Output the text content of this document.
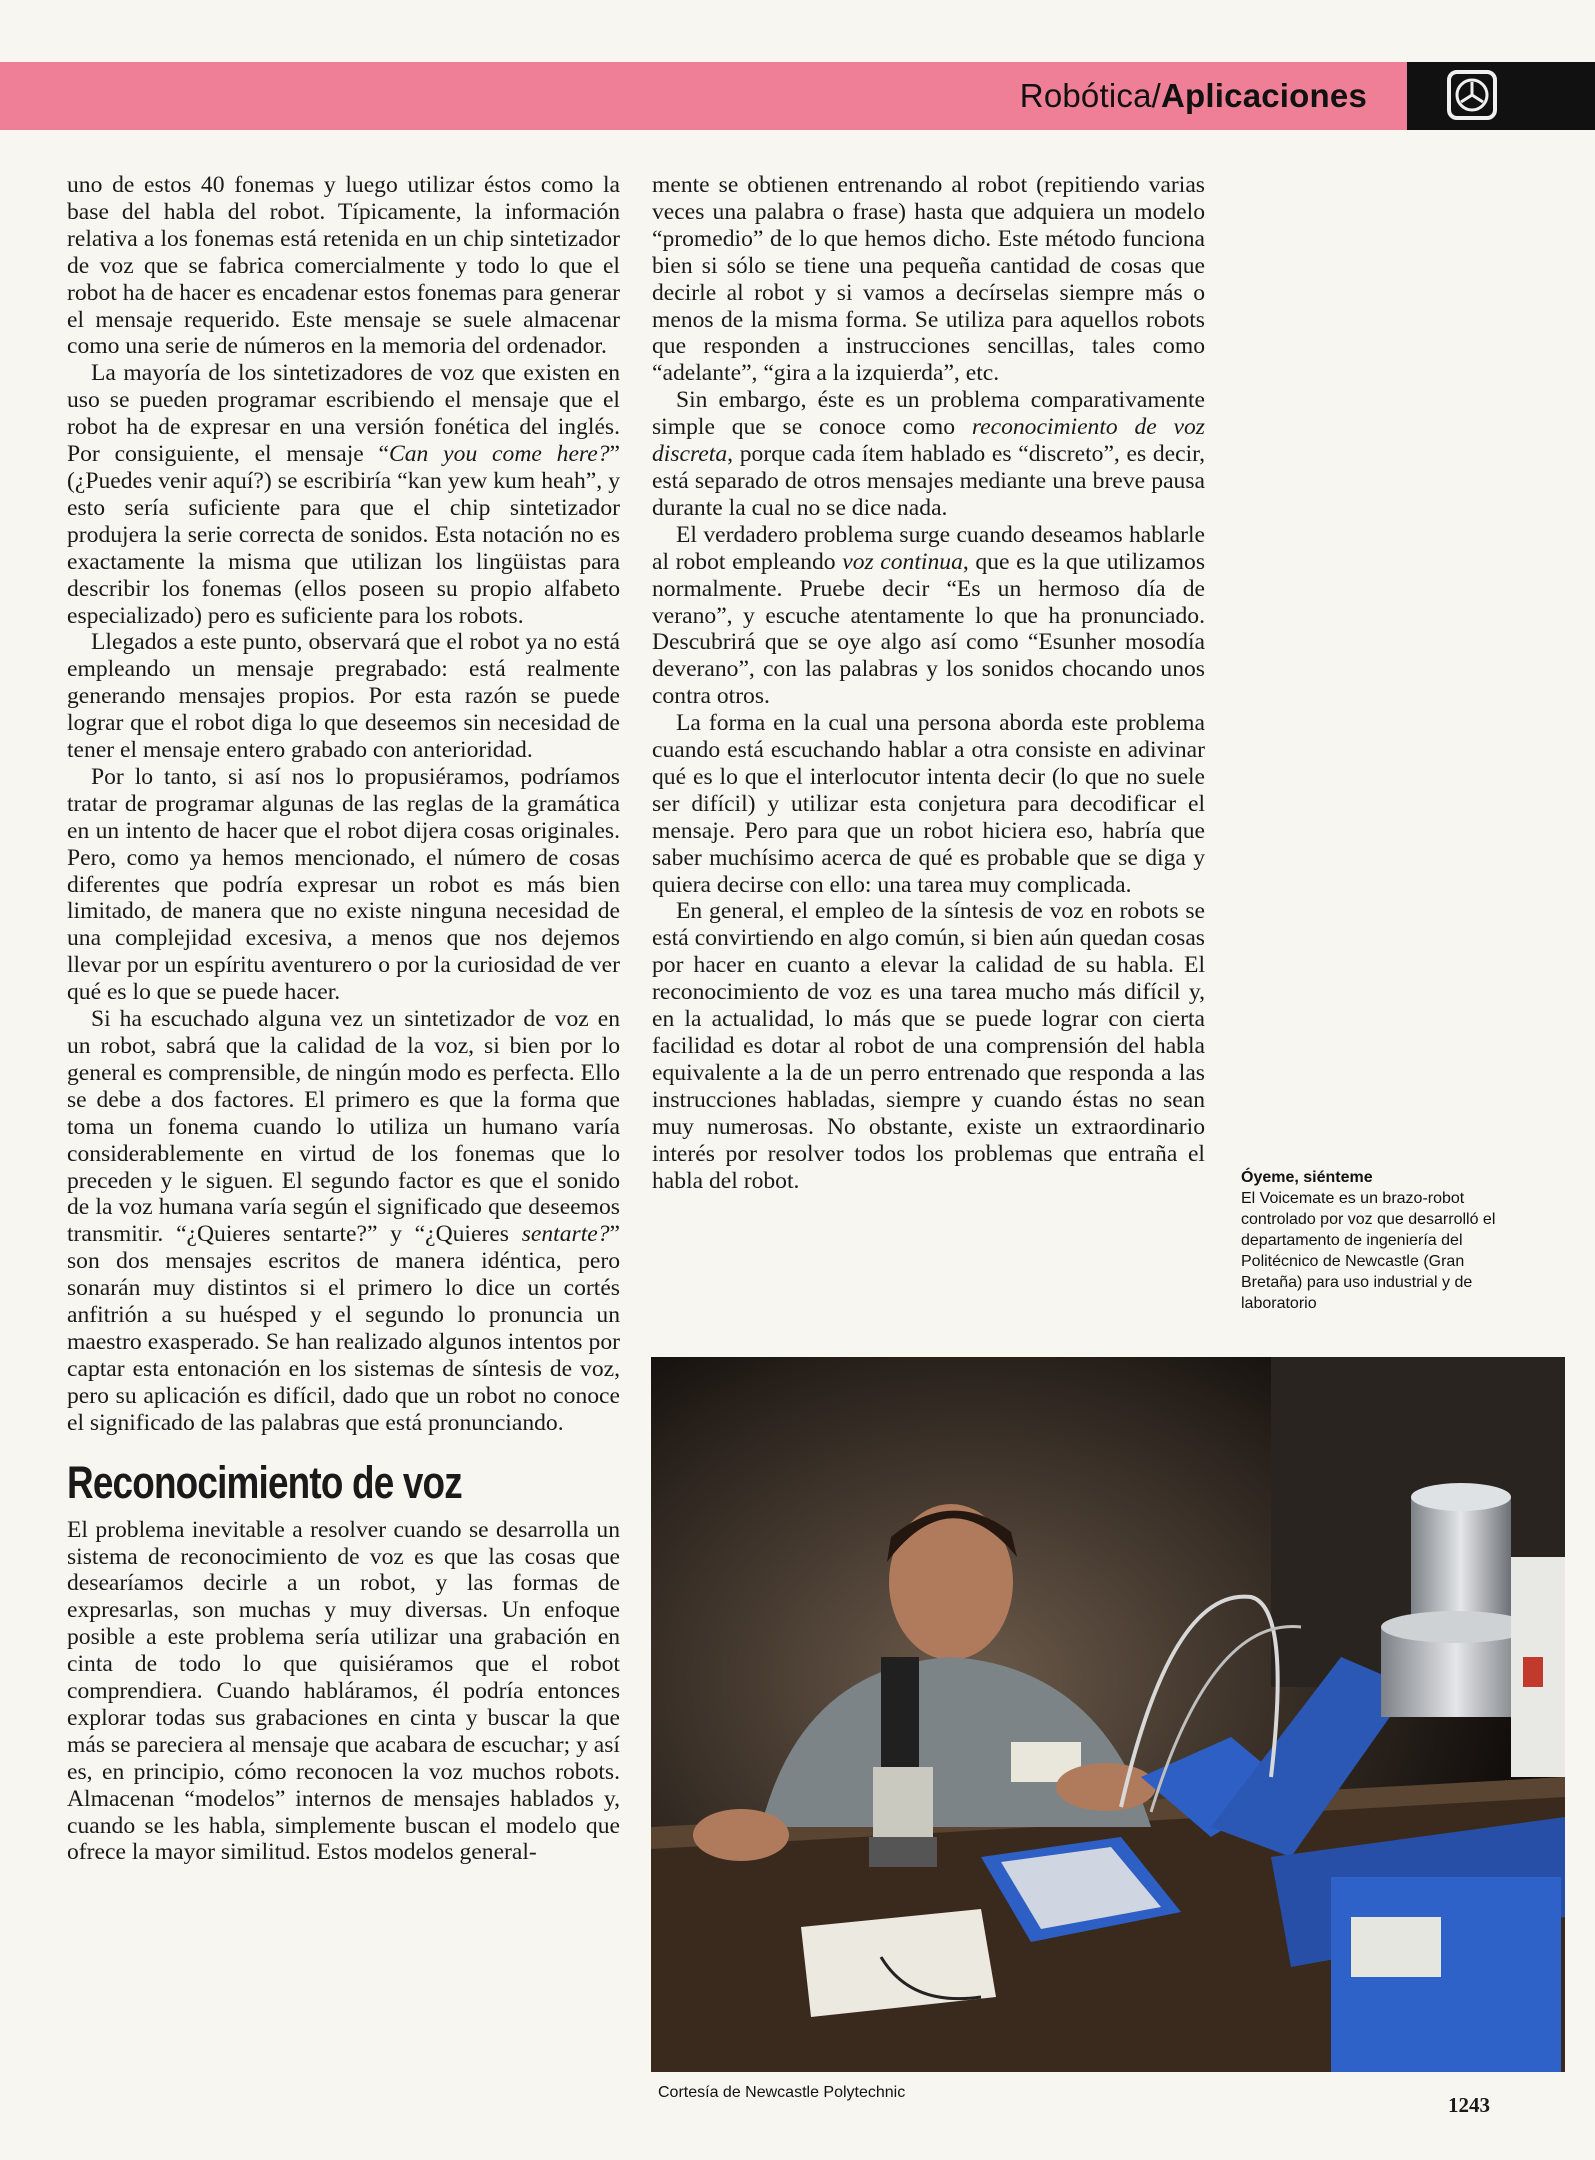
Robótica/Aplicaciones

uno de estos 40 fonemas y luego utilizar éstos como la base del habla del robot. Típicamente, la información relativa a los fonemas está retenida en un chip sintetizador de voz que se fabrica comercialmente y todo lo que el robot ha de hacer es encadenar estos fonemas para generar el mensaje requerido. Este mensaje se suele almacenar como una serie de números en la memoria del ordenador.

La mayoría de los sintetizadores de voz que existen en uso se pueden programar escribiendo el mensaje que el robot ha de expresar en una versión fonética del inglés. Por consiguiente, el mensaje “Can you come here?” (¿Puedes venir aquí?) se escribiría “kan yew kum heah”, y esto sería suficiente para que el chip sintetizador produjera la serie correcta de sonidos. Esta notación no es exactamente la misma que utilizan los lingüistas para describir los fonemas (ellos poseen su propio alfabeto especializado) pero es suficiente para los robots.

Llegados a este punto, observará que el robot ya no está empleando un mensaje pregrabado: está realmente generando mensajes propios. Por esta razón se puede lograr que el robot diga lo que deseemos sin necesidad de tener el mensaje entero grabado con anterioridad.

Por lo tanto, si así nos lo propusiéramos, podríamos tratar de programar algunas de las reglas de la gramática en un intento de hacer que el robot dijera cosas originales. Pero, como ya hemos mencionado, el número de cosas diferentes que podría expresar un robot es más bien limitado, de manera que no existe ninguna necesidad de una complejidad excesiva, a menos que nos dejemos llevar por un espíritu aventurero o por la curiosidad de ver qué es lo que se puede hacer.

Si ha escuchado alguna vez un sintetizador de voz en un robot, sabrá que la calidad de la voz, si bien por lo general es comprensible, de ningún modo es perfecta. Ello se debe a dos factores. El primero es que la forma que toma un fonema cuando lo utiliza un humano varía considerablemente en virtud de los fonemas que lo preceden y le siguen. El segundo factor es que el sonido de la voz humana varía según el significado que deseemos transmitir. “¿Quieres sentarte?” y “¿Quieres sentarte?” son dos mensajes escritos de manera idéntica, pero sonarán muy distintos si el primero lo dice un cortés anfitrión a su huésped y el segundo lo pronuncia un maestro exasperado. Se han realizado algunos intentos por captar esta entonación en los sistemas de síntesis de voz, pero su aplicación es difícil, dado que un robot no conoce el significado de las palabras que está pronunciando.

Reconocimiento de voz

El problema inevitable a resolver cuando se desarrolla un sistema de reconocimiento de voz es que las cosas que desearíamos decirle a un robot, y las formas de expresarlas, son muchas y muy diversas. Un enfoque posible a este problema sería utilizar una grabación en cinta de todo lo que quisiéramos que el robot comprendiera. Cuando habláramos, él podría entonces explorar todas sus grabaciones en cinta y buscar la que más se pareciera al mensaje que acabara de escuchar; y así es, en principio, cómo reconocen la voz muchos robots. Almacenan “modelos” internos de mensajes hablados y, cuando se les habla, simplemente buscan el modelo que ofrece la mayor similitud. Estos modelos general-

mente se obtienen entrenando al robot (repitiendo varias veces una palabra o frase) hasta que adquiera un modelo “promedio” de lo que hemos dicho. Este método funciona bien si sólo se tiene una pequeña cantidad de cosas que decirle al robot y si vamos a decírselas siempre más o menos de la misma forma. Se utiliza para aquellos robots que responden a instrucciones sencillas, tales como “adelante”, “gira a la izquierda”, etc.

Sin embargo, éste es un problema comparativamente simple que se conoce como reconocimiento de voz discreta, porque cada ítem hablado es “discreto”, es decir, está separado de otros mensajes mediante una breve pausa durante la cual no se dice nada.

El verdadero problema surge cuando deseamos hablarle al robot empleando voz continua, que es la que utilizamos normalmente. Pruebe decir “Es un hermoso día de verano”, y escuche atentamente lo que ha pronunciado. Descubrirá que se oye algo así como “Esunher mosodía deverano”, con las palabras y los sonidos chocando unos contra otros.

La forma en la cual una persona aborda este problema cuando está escuchando hablar a otra consiste en adivinar qué es lo que el interlocutor intenta decir (lo que no suele ser difícil) y utilizar esta conjetura para decodificar el mensaje. Pero para que un robot hiciera eso, habría que saber muchísimo acerca de qué es probable que se diga y quiera decirse con ello: una tarea muy complicada.

En general, el empleo de la síntesis de voz en robots se está convirtiendo en algo común, si bien aún quedan cosas por hacer en cuanto a elevar la calidad de su habla. El reconocimiento de voz es una tarea mucho más difícil y, en la actualidad, lo más que se puede lograr con cierta facilidad es dotar al robot de una comprensión del habla equivalente a la de un perro entrenado que responda a las instrucciones habladas, siempre y cuando éstas no sean muy numerosas. No obstante, existe un extraordinario interés por resolver todos los problemas que entraña el habla del robot.	Óyeme, siénteme
El Voicemate es un brazo-robot controlado por voz que desarrolló el departamento de ingeniería del Politécnico de Newcastle (Gran Bretaña) para uso industrial y de laboratorio
Cortesía de Newcastle Polytechnic
1243
